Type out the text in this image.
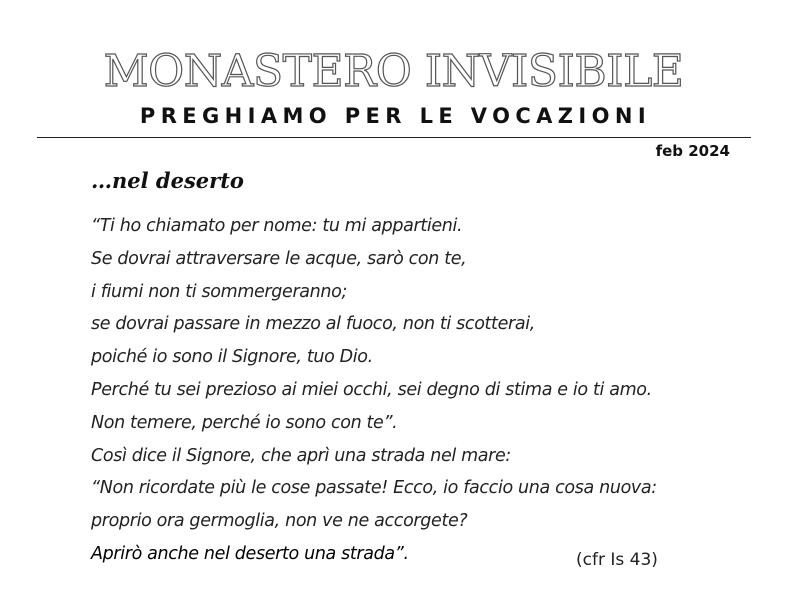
MONASTERO INVISIBILE
PREGHIAMO PER LE VOCAZIONI
feb 2024
…nel deserto
“Ti ho chiamato per nome: tu mi appartieni.
Se dovrai attraversare le acque, sarò con te,
i fiumi non ti sommergeranno;
se dovrai passare in mezzo al fuoco, non ti scotterai,
poiché io sono il Signore, tuo Dio.
Perché tu sei prezioso ai miei occhi, sei degno di stima e io ti amo.
Non temere, perché io sono con te”.
Così dice il Signore, che aprì una strada nel mare:
“Non ricordate più le cose passate! Ecco, io faccio una cosa nuova:
proprio ora germoglia, non ve ne accorgete?
Aprirò anche nel deserto una strada”.	(cfr Is 43)
